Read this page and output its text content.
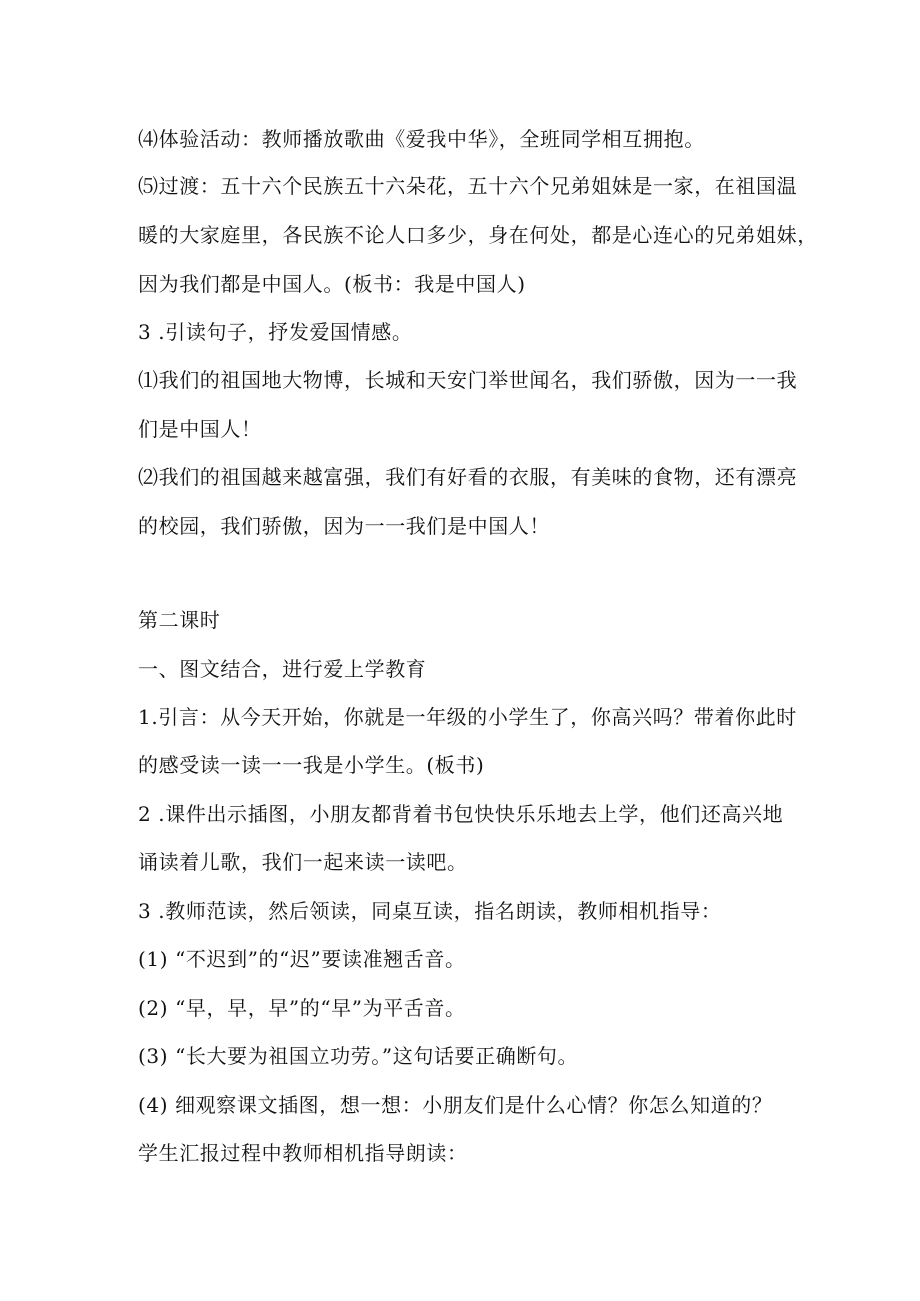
⑷体验活动：教师播放歌曲《爱我中华》，全班同学相互拥抱。
⑸过渡：五十六个民族五十六朵花，五十六个兄弟姐妹是一家，在祖国温
暖的大家庭里，各民族不论人口多少，身在何处，都是心连心的兄弟姐妹，
因为我们都是中国人。(板书：我是中国人)
3 .引读句子，抒发爱国情感。
⑴我们的祖国地大物博，长城和天安门举世闻名，我们骄傲，因为一一我
们是中国人！
⑵我们的祖国越来越富强，我们有好看的衣服，有美味的食物，还有漂亮
的校园，我们骄傲，因为一一我们是中国人！
第二课时
一、图文结合，进行爱上学教育
1.引言：从今天开始，你就是一年级的小学生了，你高兴吗？带着你此时
的感受读一读一一我是小学生。(板书)
2 .课件出示插图，小朋友都背着书包快快乐乐地去上学，他们还高兴地
诵读着儿歌，我们一起来读一读吧。
3 .教师范读，然后领读，同桌互读，指名朗读，教师相机指导：
(1) “不迟到”的“迟”要读准翘舌音。
(2) “早，早，早”的“早”为平舌音。
(3) “长大要为祖国立功劳。”这句话要正确断句。
(4) 细观察课文插图，想一想：小朋友们是什么心情？你怎么知道的？
学生汇报过程中教师相机指导朗读：
